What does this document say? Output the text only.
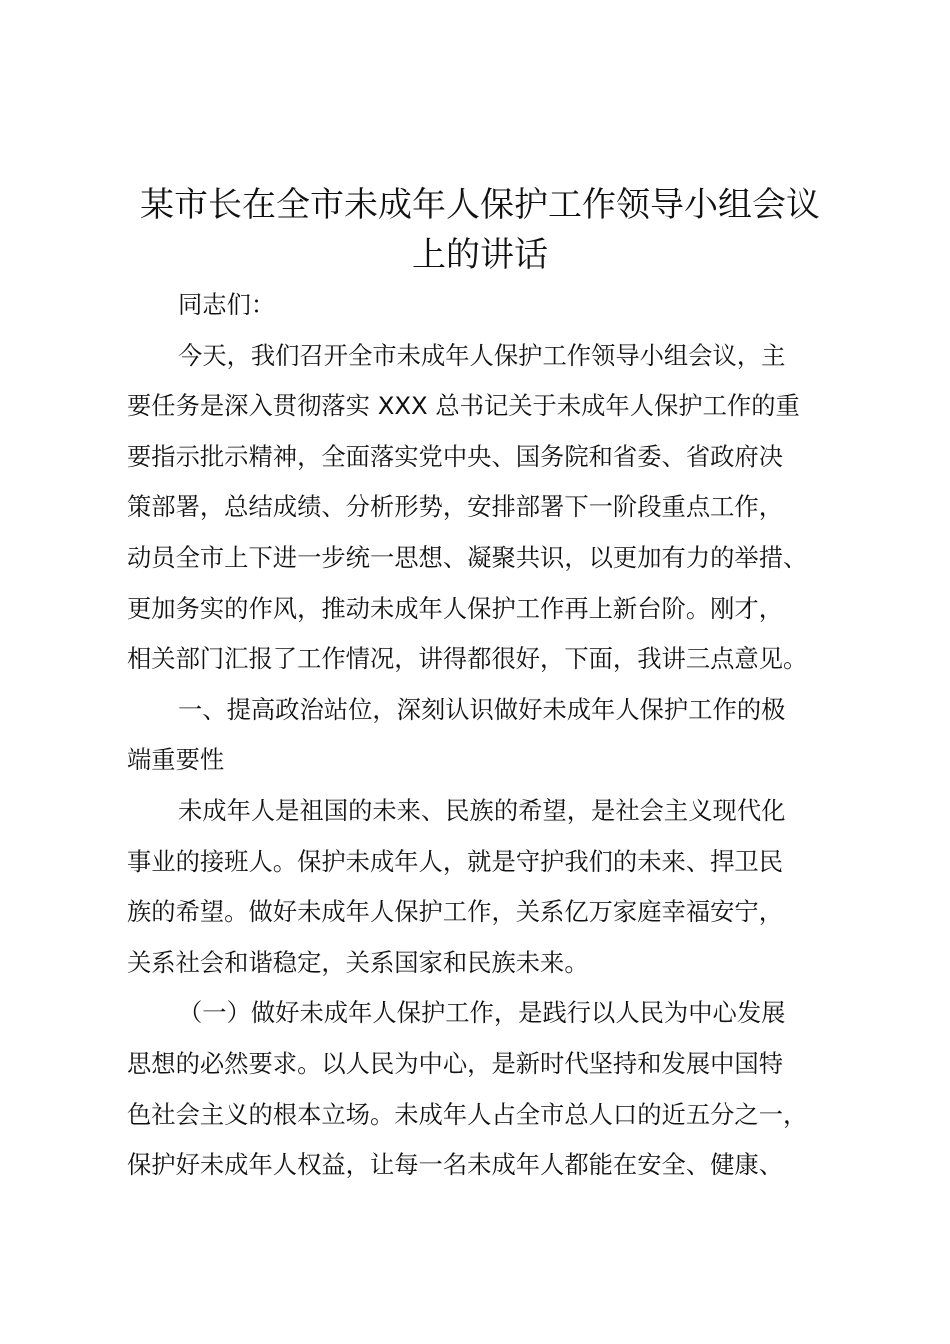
某市长在全市未成年人保护工作领导小组会议
上的讲话
同志们：
今天，我们召开全市未成年人保护工作领导小组会议，主
要任务是深入贯彻落实 XXX 总书记关于未成年人保护工作的重
要指示批示精神，全面落实党中央、国务院和省委、省政府决
策部署，总结成绩、分析形势，安排部署下一阶段重点工作，
动员全市上下进一步统一思想、凝聚共识，以更加有力的举措、
更加务实的作风，推动未成年人保护工作再上新台阶。刚才，
相关部门汇报了工作情况，讲得都很好，下面，我讲三点意见。
一、提高政治站位，深刻认识做好未成年人保护工作的极
端重要性
未成年人是祖国的未来、民族的希望，是社会主义现代化
事业的接班人。保护未成年人，就是守护我们的未来、捍卫民
族的希望。做好未成年人保护工作，关系亿万家庭幸福安宁，
关系社会和谐稳定，关系国家和民族未来。
（一）做好未成年人保护工作，是践行以人民为中心发展
思想的必然要求。以人民为中心，是新时代坚持和发展中国特
色社会主义的根本立场。未成年人占全市总人口的近五分之一，
保护好未成年人权益，让每一名未成年人都能在安全、健康、
